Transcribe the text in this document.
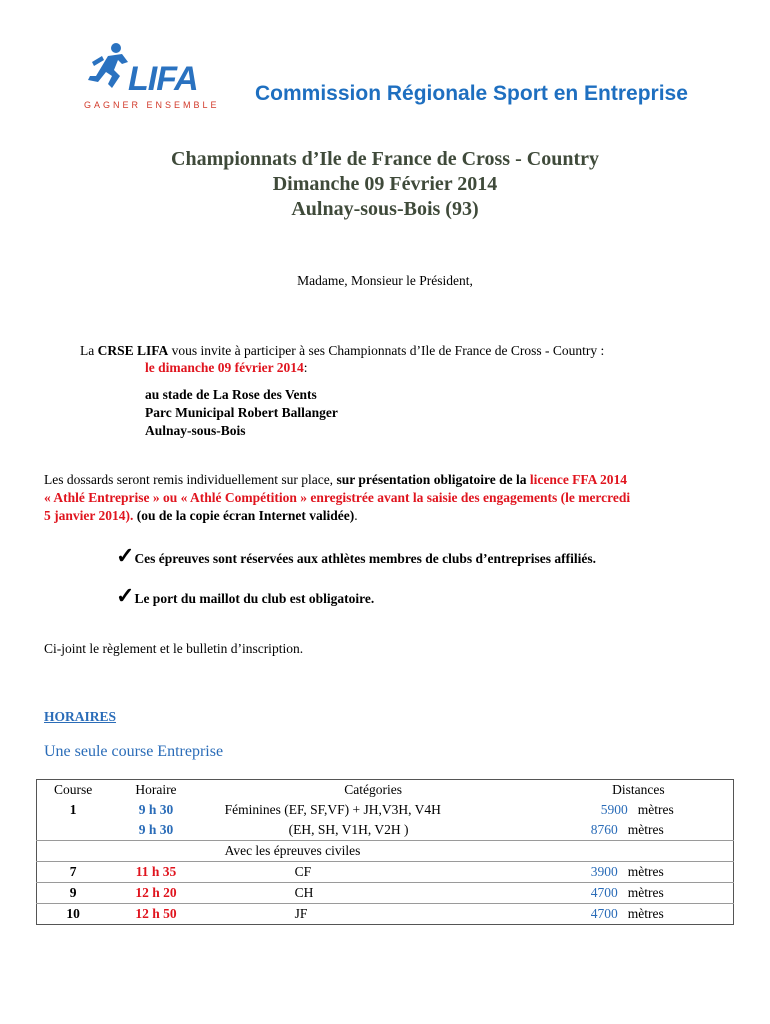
LIFA
GAGNER ENSEMBLE Commission Régionale Sport en Entreprise
Championnats d’Ile de France de Cross - Country
Dimanche 09 Février 2014
Aulnay-sous-Bois (93)
Madame, Monsieur le Président,
La CRSE LIFA vous invite à participer à ses Championnats d’Ile de France de Cross - Country :
le dimanche 09 février 2014:
au stade de La Rose des Vents
Parc Municipal Robert Ballanger
Aulnay-sous-Bois
Les dossards seront remis individuellement sur place, sur présentation obligatoire de la licence FFA 2014
« Athlé Entreprise » ou « Athlé Compétition » enregistrée avant la saisie des engagements (le mercredi
5 janvier 2014). (ou de la copie écran Internet validée).
✓Ces épreuves sont réservées aux athlètes membres de clubs d’entreprises affiliés.
✓Le port du maillot du club est obligatoire.
Ci-joint le règlement et le bulletin d’inscription.
HORAIRES
Une seule course Entreprise
Course	Horaire	Catégories	Distances
1	9 h 30	Féminines (EF, SF,VF) + JH,V3H, V4H	5900 mètres
	9 h 30	(EH, SH, V1H, V2H )	8760 mètres
		Avec les épreuves civiles	
7	11 h 35	CF	3900 mètres
9	12 h 20	CH	4700 mètres
10	12 h 50	JF	4700 mètres
